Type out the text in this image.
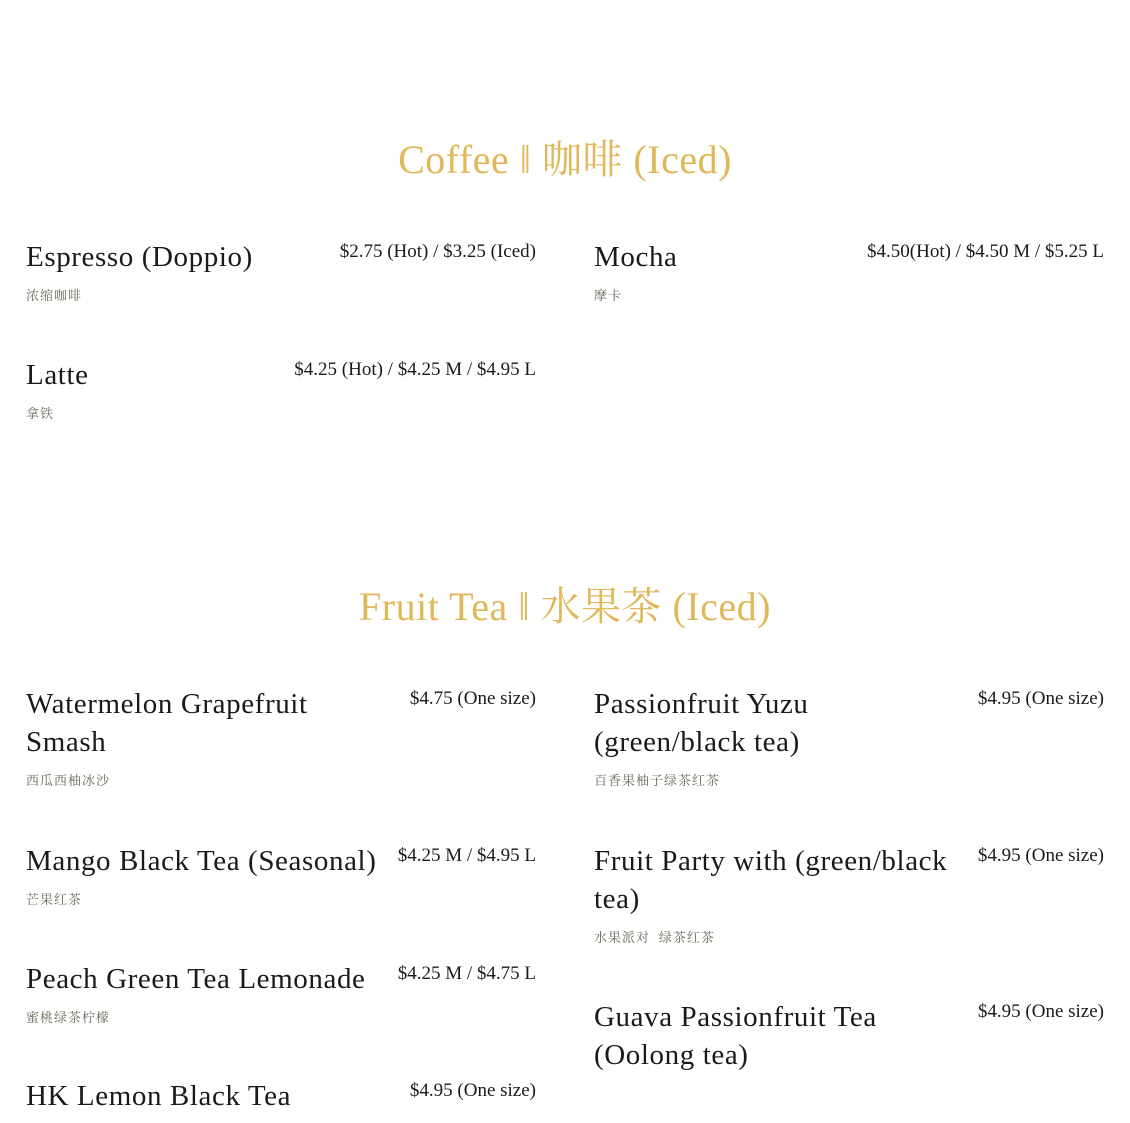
Coffee ‖ 咖啡 (Iced)
Espresso (Doppio)	$2.75 (Hot) / $3.25 (Iced)
浓缩咖啡
Latte	$4.25 (Hot) / $4.25 M / $4.95 L
拿铁
Mocha	$4.50(Hot) / $4.50 M / $5.25 L
摩卡
Fruit Tea ‖ 水果茶 (Iced)
Watermelon Grapefruit
Smash
$4.75 (One size)
西瓜西柚冰沙
Mango Black Tea (Seasonal) $4.25 M / $4.95 L
芒果红茶
Peach Green Tea Lemonade $4.25 M / $4.75 L
蜜桃绿茶柠檬
HK Lemon Black Tea	$4.95 (One size)
Passionfruit Yuzu
(green/black tea)
$4.95 (One size)
百香果柚子绿茶红茶
Fruit Party with (green/black
tea)
$4.95 (One size)
水果派对 绿茶红茶
Guava Passionfruit Tea
(Oolong tea)
$4.95 (One size)
